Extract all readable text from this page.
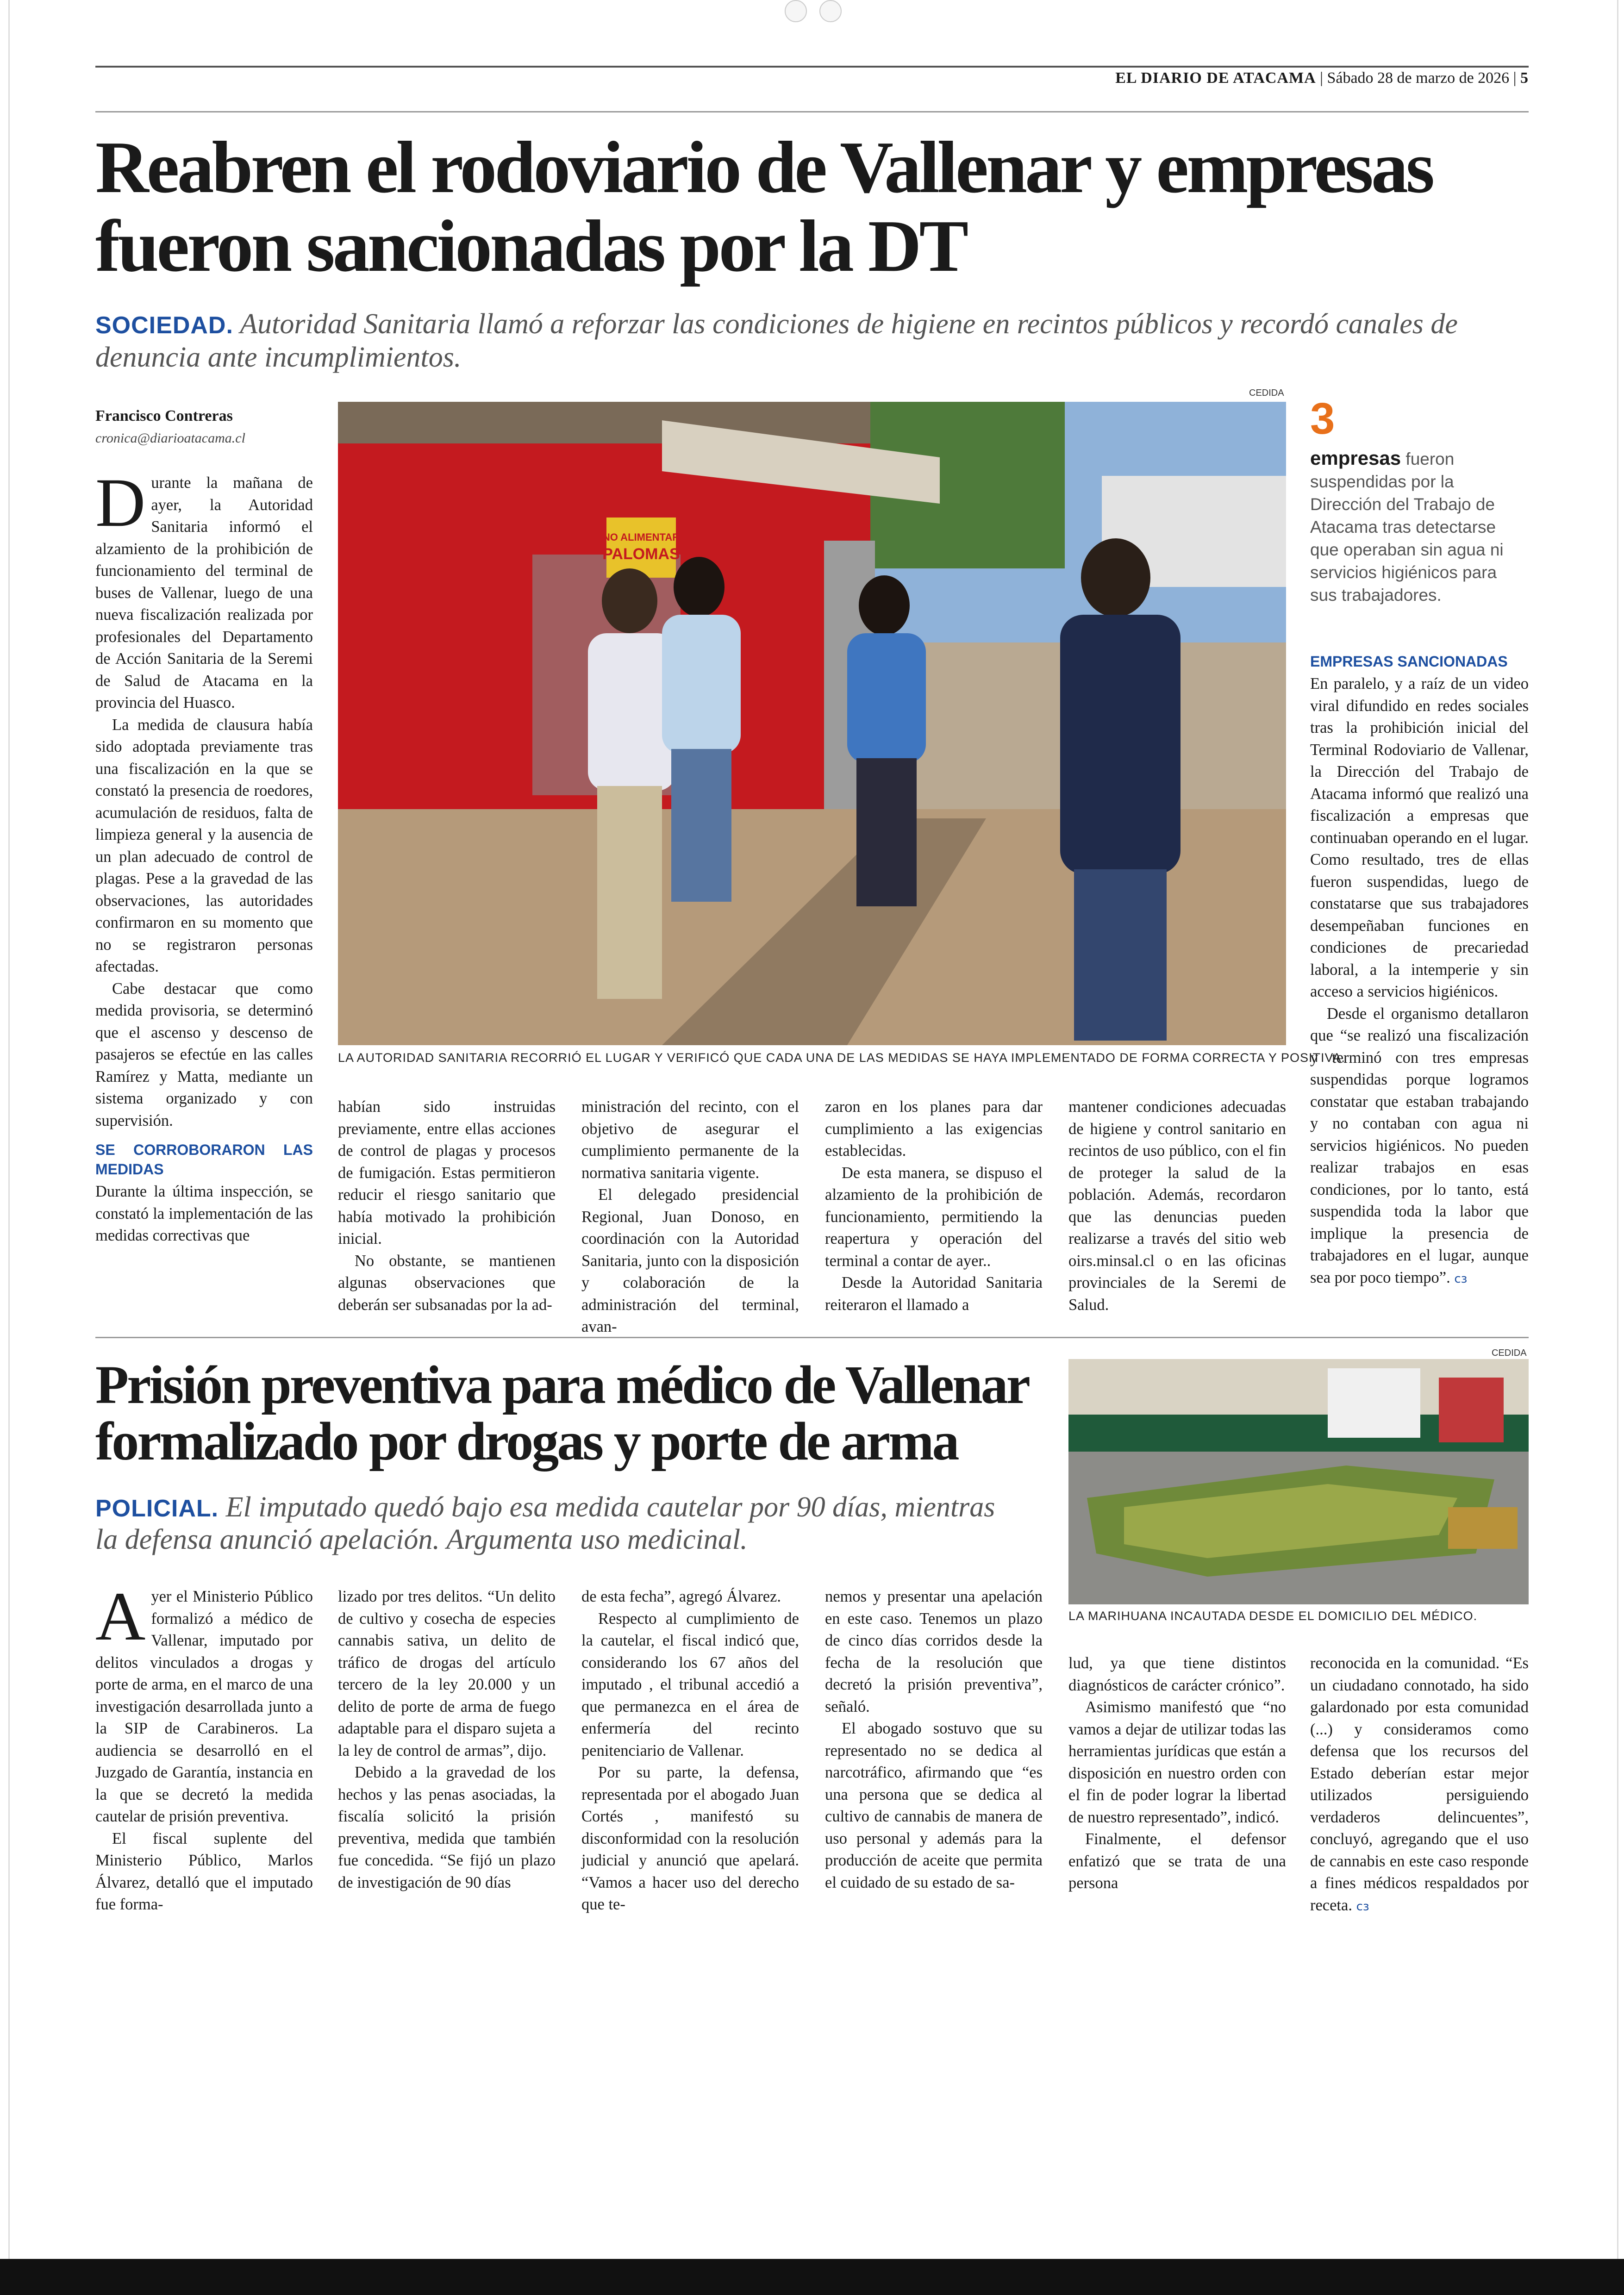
EL DIARIO DE ATACAMA | Sábado 28 de marzo de 2026 | 5
Reabren el rodoviario de Vallenar y empresas
fueron sancionadas por la DT
SOCIEDAD. Autoridad Sanitaria llamó a reforzar las condiciones de higiene en recintos públicos y recordó canales de
denuncia ante incumplimientos.
Francisco Contreras
cronica@diarioatacama.cl
CEDIDA
NO ALIMENTAR
PALOMAS
LA AUTORIDAD SANITARIA RECORRIÓ EL LUGAR Y VERIFICÓ QUE CADA UNA DE LAS MEDIDAS SE HAYA IMPLEMENTADO DE FORMA CORRECTA Y POSITIVA.

Durante la mañana de ayer, la Autoridad Sanitaria informó el alzamiento de la prohibición de funcionamiento del terminal de buses de Vallenar, luego de una nueva fiscalización realizada por profesionales del Departamento de Acción Sanitaria de la Seremi de Salud de Atacama en la provincia del Huasco.

La medida de clausura había sido adoptada previamente tras una fiscalización en la que se constató la presencia de roedores, acumulación de residuos, falta de limpieza general y la ausencia de un plan adecuado de control de plagas. Pese a la gravedad de las observaciones, las autoridades confirmaron en su momento que no se registraron personas afectadas.

Cabe destacar que como medida provisoria, se determinó que el ascenso y descenso de pasajeros se efectúe en las calles Ramírez y Matta, mediante un sistema organizado y con supervisión.

SE CORROBORARON LAS MEDIDAS

Durante la última inspección, se constató la implementación de las medidas correctivas que

habían sido instruidas previamente, entre ellas acciones de control de plagas y procesos de fumigación. Estas permitieron reducir el riesgo sanitario que había motivado la prohibición inicial.

No obstante, se mantienen algunas observaciones que deberán ser subsanadas por la ad-

ministración del recinto, con el objetivo de asegurar el cumplimiento permanente de la normativa sanitaria vigente.

El delegado presidencial Regional, Juan Donoso, en coordinación con la Autoridad Sanitaria, junto con la disposición y colaboración de la administración del terminal, avan-

zaron en los planes para dar cumplimiento a las exigencias establecidas.

De esta manera, se dispuso el alzamiento de la prohibición de funcionamiento, permitiendo la reapertura y operación del terminal a contar de ayer..

Desde la Autoridad Sanitaria reiteraron el llamado a

mantener condiciones adecuadas de higiene y control sanitario en recintos de uso público, con el fin de proteger la salud de la población. Además, recordaron que las denuncias pueden realizarse a través del sitio web oirs.minsal.cl o en las oficinas provinciales de la Seremi de Salud.

3
empresas fueron suspendidas por la Dirección del Trabajo de Atacama tras detectarse que operaban sin agua ni servicios higiénicos para sus trabajadores.

EMPRESAS SANCIONADAS

En paralelo, y a raíz de un video viral difundido en redes sociales tras la prohibición inicial del Terminal Rodoviario de Vallenar, la Dirección del Trabajo de Atacama informó que realizó una fiscalización a empresas que continuaban operando en el lugar. Como resultado, tres de ellas fueron suspendidas, luego de constatarse que sus trabajadores desempeñaban funciones en condiciones de precariedad laboral, a la intemperie y sin acceso a servicios higiénicos.

Desde el organismo detallaron que “se realizó una fiscalización y terminó con tres empresas suspendidas porque logramos constatar que estaban trabajando y no contaban con agua ni servicios higiénicos. No pueden realizar trabajos en esas condiciones, por lo tanto, está suspendida toda la labor que implique la presencia de trabajadores en el lugar, aunque sea por poco tiempo”. cз

Prisión preventiva para médico de Vallenar
formalizado por drogas y porte de arma
POLICIAL. El imputado quedó bajo esa medida cautelar por 90 días, mientras
la defensa anunció apelación. Argumenta uso medicinal.
CEDIDA
LA MARIHUANA INCAUTADA DESDE EL DOMICILIO DEL MÉDICO.

Ayer el Ministerio Público formalizó a médico de Vallenar, imputado por delitos vinculados a drogas y porte de arma, en el marco de una investigación desarrollada junto a la SIP de Carabineros. La audiencia se desarrolló en el Juzgado de Garantía, instancia en la que se decretó la medida cautelar de prisión preventiva.

El fiscal suplente del Ministerio Público, Marlos Álvarez, detalló que el imputado fue forma-

lizado por tres delitos. “Un delito de cultivo y cosecha de especies cannabis sativa, un delito de tráfico de drogas del artículo tercero de la ley 20.000 y un delito de porte de arma de fuego adaptable para el disparo sujeta a la ley de control de armas”, dijo.

Debido a la gravedad de los hechos y las penas asociadas, la fiscalía solicitó la prisión preventiva, medida que también fue concedida. “Se fijó un plazo de investigación de 90 días

de esta fecha”, agregó Álvarez.

Respecto al cumplimiento de la cautelar, el fiscal indicó que, considerando los 67 años del imputado , el tribunal accedió a que permanezca en el área de enfermería del recinto penitenciario de Vallenar.

Por su parte, la defensa, representada por el abogado Juan Cortés , manifestó su disconformidad con la resolución judicial y anunció que apelará. “Vamos a hacer uso del derecho que te-

nemos y presentar una apelación en este caso. Tenemos un plazo de cinco días corridos desde la fecha de la resolución que decretó la prisión preventiva”, señaló.

El abogado sostuvo que su representado no se dedica al narcotráfico, afirmando que “es una persona que se dedica al cultivo de cannabis de manera de uso personal y además para la producción de aceite que permita el cuidado de su estado de sa-

lud, ya que tiene distintos diagnósticos de carácter crónico”.

Asimismo manifestó que “no vamos a dejar de utilizar todas las herramientas jurídicas que están a disposición en nuestro orden con el fin de poder lograr la libertad de nuestro representado”, indicó.

Finalmente, el defensor enfatizó que se trata de una persona

reconocida en la comunidad. “Es un ciudadano connotado, ha sido galardonado por esta comunidad (...) y consideramos como defensa que los recursos del Estado deberían estar mejor utilizados persiguiendo verdaderos delincuentes”, concluyó, agregando que el uso de cannabis en este caso responde a fines médicos respaldados por receta. cз
